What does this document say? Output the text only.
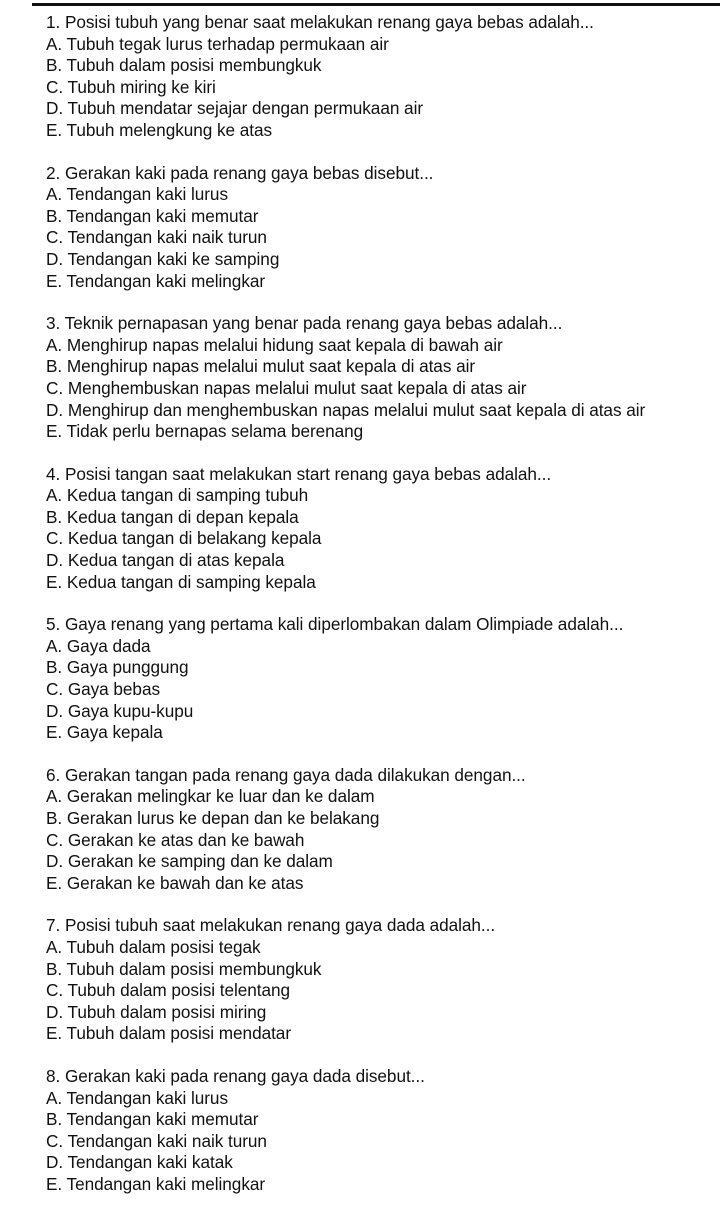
1. Posisi tubuh yang benar saat melakukan renang gaya bebas adalah...
A. Tubuh tegak lurus terhadap permukaan air
B. Tubuh dalam posisi membungkuk
C. Tubuh miring ke kiri
D. Tubuh mendatar sejajar dengan permukaan air
E. Tubuh melengkung ke atas
2. Gerakan kaki pada renang gaya bebas disebut...
A. Tendangan kaki lurus
B. Tendangan kaki memutar
C. Tendangan kaki naik turun
D. Tendangan kaki ke samping
E. Tendangan kaki melingkar
3. Teknik pernapasan yang benar pada renang gaya bebas adalah...
A. Menghirup napas melalui hidung saat kepala di bawah air
B. Menghirup napas melalui mulut saat kepala di atas air
C. Menghembuskan napas melalui mulut saat kepala di atas air
D. Menghirup dan menghembuskan napas melalui mulut saat kepala di atas air
E. Tidak perlu bernapas selama berenang
4. Posisi tangan saat melakukan start renang gaya bebas adalah...
A. Kedua tangan di samping tubuh
B. Kedua tangan di depan kepala
C. Kedua tangan di belakang kepala
D. Kedua tangan di atas kepala
E. Kedua tangan di samping kepala
5. Gaya renang yang pertama kali diperlombakan dalam Olimpiade adalah...
A. Gaya dada
B. Gaya punggung
C. Gaya bebas
D. Gaya kupu-kupu
E. Gaya kepala
6. Gerakan tangan pada renang gaya dada dilakukan dengan...
A. Gerakan melingkar ke luar dan ke dalam
B. Gerakan lurus ke depan dan ke belakang
C. Gerakan ke atas dan ke bawah
D. Gerakan ke samping dan ke dalam
E. Gerakan ke bawah dan ke atas
7. Posisi tubuh saat melakukan renang gaya dada adalah...
A. Tubuh dalam posisi tegak
B. Tubuh dalam posisi membungkuk
C. Tubuh dalam posisi telentang
D. Tubuh dalam posisi miring
E. Tubuh dalam posisi mendatar
8. Gerakan kaki pada renang gaya dada disebut...
A. Tendangan kaki lurus
B. Tendangan kaki memutar
C. Tendangan kaki naik turun
D. Tendangan kaki katak
E. Tendangan kaki melingkar
